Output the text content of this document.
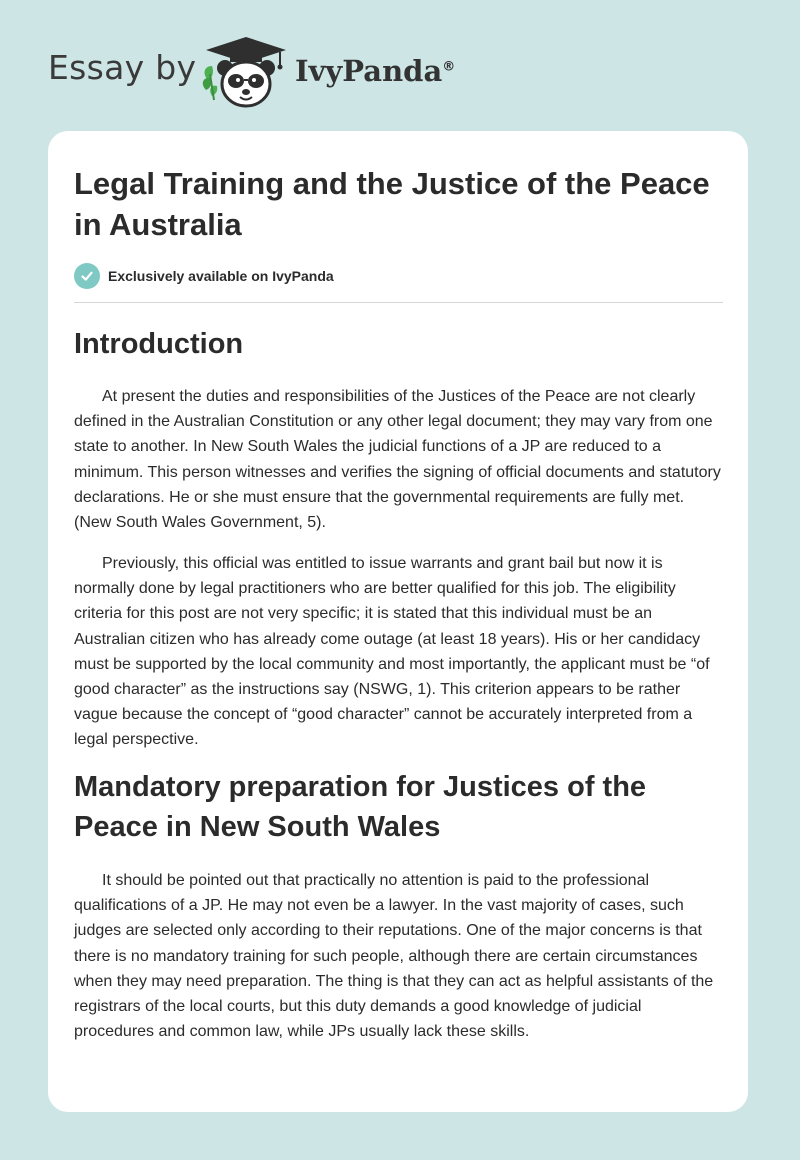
Essay by	IvyPanda®
Legal Training and the Justice of the Peace in Australia
Exclusively available on IvyPanda
Introduction

At present the duties and responsibilities of the Justices of the Peace are not clearly defined in the Australian Constitution or any other legal document; they may vary from one state to another. In New South Wales the judicial functions of a JP are reduced to a minimum. This person witnesses and verifies the signing of official documents and statutory declarations. He or she must ensure that the governmental requirements are fully met. (New South Wales Government, 5).

Previously, this official was entitled to issue warrants and grant bail but now it is normally done by legal practitioners who are better qualified for this job. The eligibility criteria for this post are not very specific; it is stated that this individual must be an Australian citizen who has already come outage (at least 18 years). His or her candidacy must be supported by the local community and most importantly, the applicant must be “of good character” as the instructions say (NSWG, 1). This criterion appears to be rather vague because the concept of “good character” cannot be accurately interpreted from a legal perspective.

Mandatory preparation for Justices of the Peace in New South Wales

It should be pointed out that practically no attention is paid to the professional qualifications of a JP. He may not even be a lawyer. In the vast majority of cases, such judges are selected only according to their reputations. One of the major concerns is that there is no mandatory training for such people, although there are certain circumstances when they may need preparation. The thing is that they can act as helpful assistants of the registrars of the local courts, but this duty demands a good knowledge of judicial procedures and common law, while JPs usually lack these skills.
